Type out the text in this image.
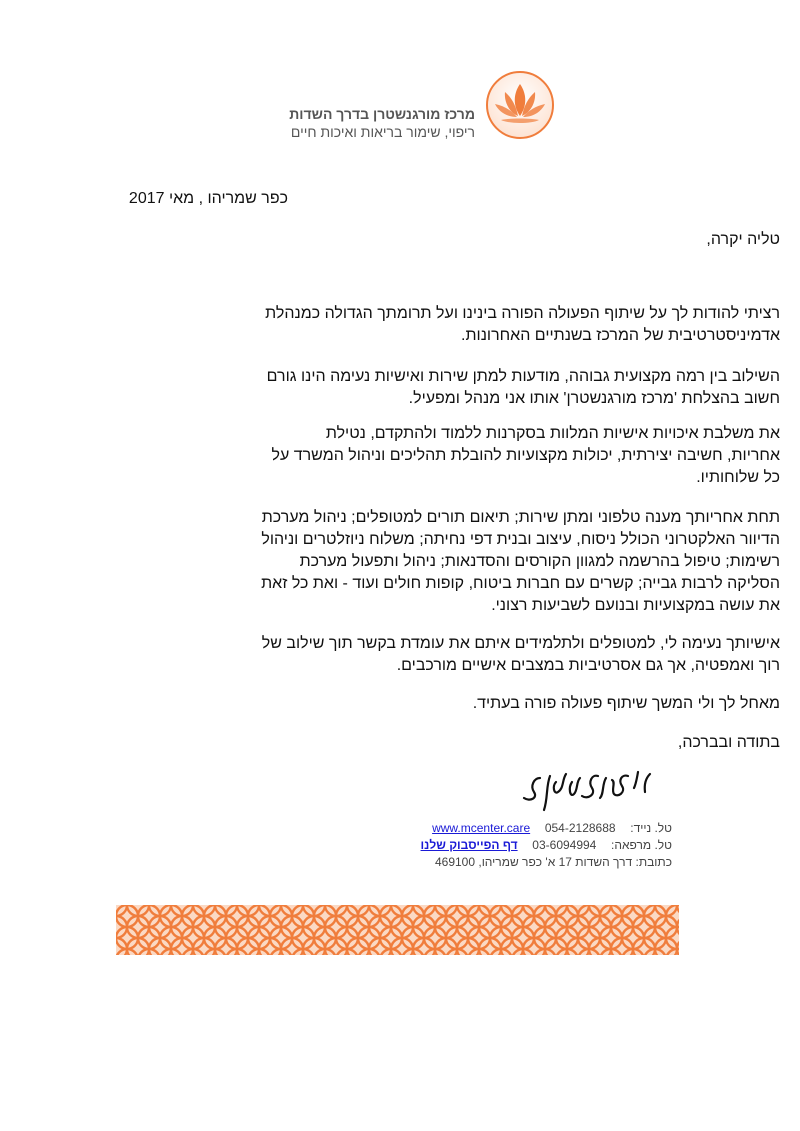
מרכז מורגנשטרן בדרך השדות
ריפוי, שימור בריאות ואיכות חיים
כפר שמריהו , מאי 2017
טליה יקרה,

רציתי להודות לך על שיתוף הפעולה הפורה בינינו ועל תרומתך הגדולה כמנהלת

אדמיניסטרטיבית של המרכז בשנתיים האחרונות.

השילוב בין רמה מקצועית גבוהה, מודעות למתן שירות ואישיות נעימה הינו גורם

חשוב בהצלחת 'מרכז מורגנשטרן' אותו אני מנהל ומפעיל.

את משלבת איכויות אישיות המלוות בסקרנות ללמוד ולהתקדם, נטילת

אחריות, חשיבה יצירתית, יכולות מקצועיות להובלת תהליכים וניהול המשרד על

כל שלוחותיו.

תחת אחריותך מענה טלפוני ומתן שירות; תיאום תורים למטופלים; ניהול מערכת

הדיוור האלקטרוני הכולל ניסוח, עיצוב ובנית דפי נחיתה; משלוח ניוזלטרים וניהול

רשימות; טיפול בהרשמה למגוון הקורסים והסדנאות; ניהול ותפעול מערכת

הסליקה לרבות גבייה; קשרים עם חברות ביטוח, קופות חולים ועוד - ואת כל זאת

את עושה במקצועיות ובנועם לשביעות רצוני.

אישיותך נעימה לי, למטופלים ולתלמידים איתם את עומדת בקשר תוך שילוב של

רוך ואמפטיה, אך גם אסרטיביות במצבים אישיים מורכבים.

מאחל לך ולי המשך שיתוף פעולה פורה בעתיד.

בתודה ובברכה,
טל. נייד:  054-2128688  www.mcenter.care
טל. מרפאה:  03-6094994  דף הפייסבוק שלנו
כתובת: דרך השדות 17 א' כפר שמריהו, 469100
